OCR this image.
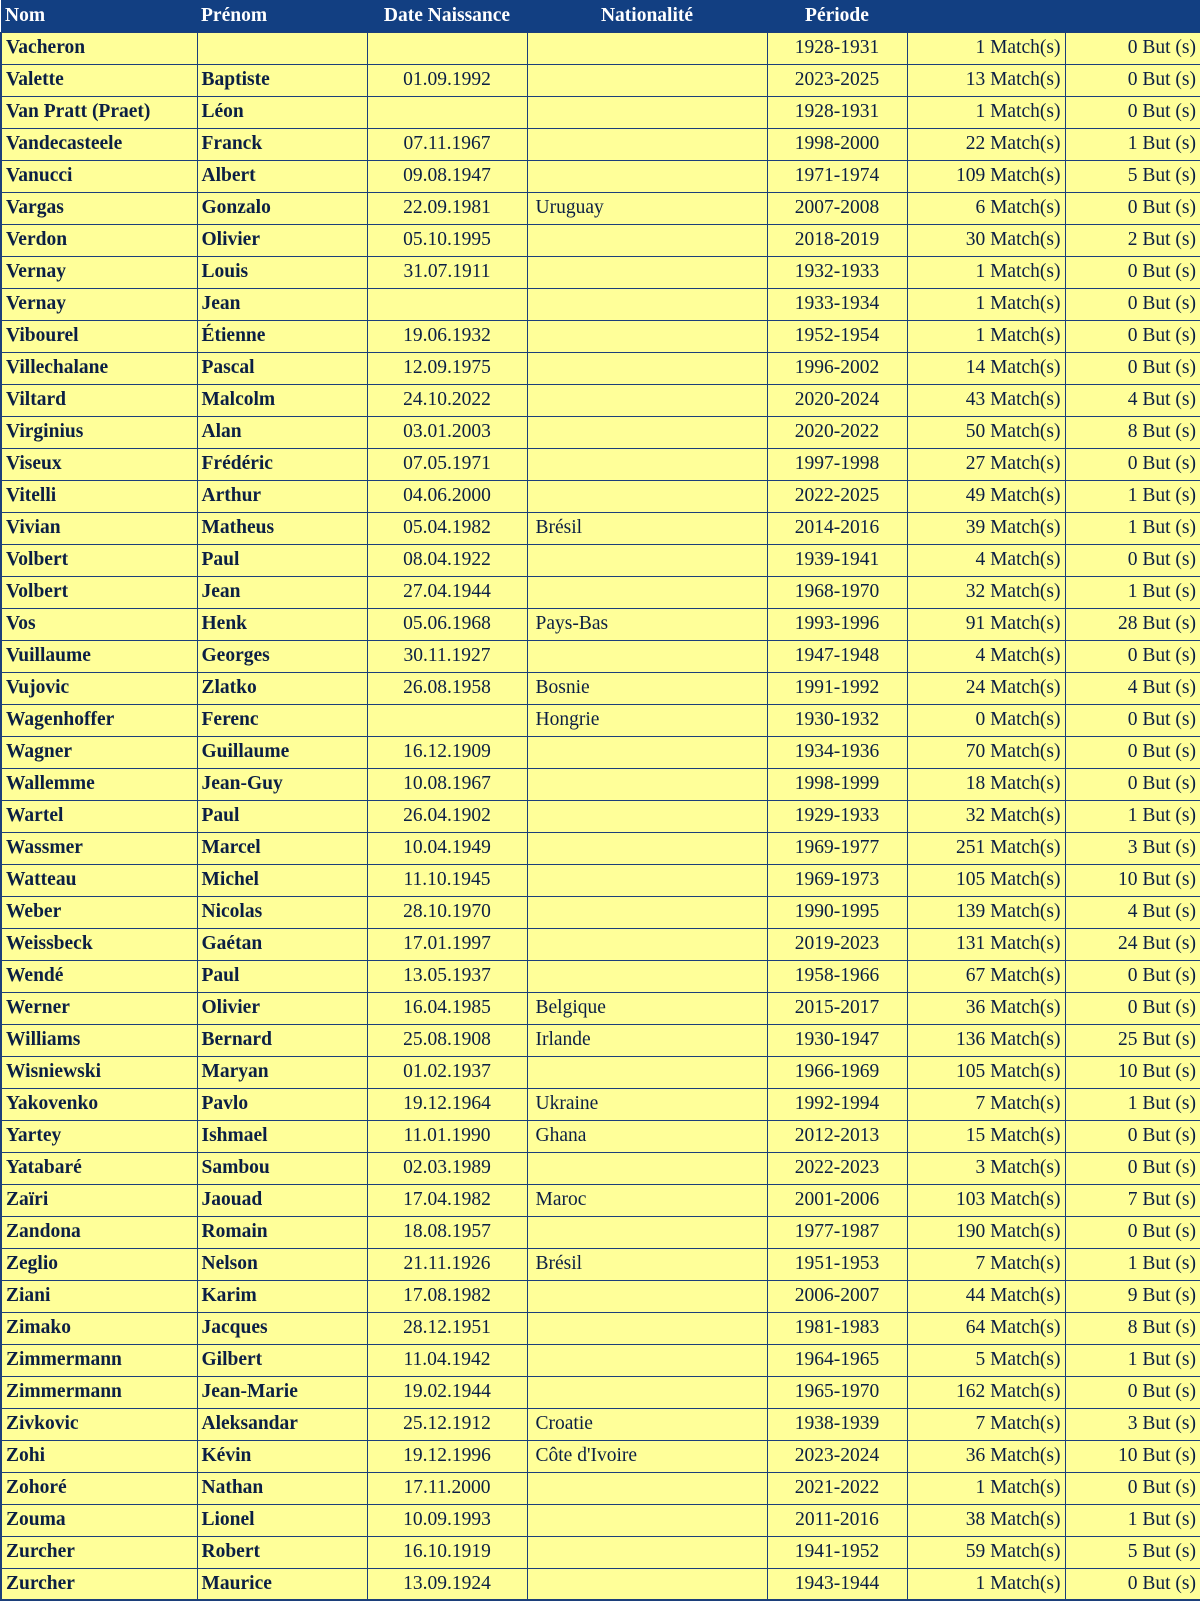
Nom	Prénom	Date Naissance	Nationalité	Période		
Vacheron				1928-1931	1 Match(s)	0 But (s)
Valette	Baptiste	01.09.1992		2023-2025	13 Match(s)	0 But (s)
Van Pratt (Praet)	Léon			1928-1931	1 Match(s)	0 But (s)
Vandecasteele	Franck	07.11.1967		1998-2000	22 Match(s)	1 But (s)
Vanucci	Albert	09.08.1947		1971-1974	109 Match(s)	5 But (s)
Vargas	Gonzalo	22.09.1981	Uruguay	2007-2008	6 Match(s)	0 But (s)
Verdon	Olivier	05.10.1995		2018-2019	30 Match(s)	2 But (s)
Vernay	Louis	31.07.1911		1932-1933	1 Match(s)	0 But (s)
Vernay	Jean			1933-1934	1 Match(s)	0 But (s)
Vibourel	Étienne	19.06.1932		1952-1954	1 Match(s)	0 But (s)
Villechalane	Pascal	12.09.1975		1996-2002	14 Match(s)	0 But (s)
Viltard	Malcolm	24.10.2022		2020-2024	43 Match(s)	4 But (s)
Virginius	Alan	03.01.2003		2020-2022	50 Match(s)	8 But (s)
Viseux	Frédéric	07.05.1971		1997-1998	27 Match(s)	0 But (s)
Vitelli	Arthur	04.06.2000		2022-2025	49 Match(s)	1 But (s)
Vivian	Matheus	05.04.1982	Brésil	2014-2016	39 Match(s)	1 But (s)
Volbert	Paul	08.04.1922		1939-1941	4 Match(s)	0 But (s)
Volbert	Jean	27.04.1944		1968-1970	32 Match(s)	1 But (s)
Vos	Henk	05.06.1968	Pays-Bas	1993-1996	91 Match(s)	28 But (s)
Vuillaume	Georges	30.11.1927		1947-1948	4 Match(s)	0 But (s)
Vujovic	Zlatko	26.08.1958	Bosnie	1991-1992	24 Match(s)	4 But (s)
Wagenhoffer	Ferenc		Hongrie	1930-1932	0 Match(s)	0 But (s)
Wagner	Guillaume	16.12.1909		1934-1936	70 Match(s)	0 But (s)
Wallemme	Jean-Guy	10.08.1967		1998-1999	18 Match(s)	0 But (s)
Wartel	Paul	26.04.1902		1929-1933	32 Match(s)	1 But (s)
Wassmer	Marcel	10.04.1949		1969-1977	251 Match(s)	3 But (s)
Watteau	Michel	11.10.1945		1969-1973	105 Match(s)	10 But (s)
Weber	Nicolas	28.10.1970		1990-1995	139 Match(s)	4 But (s)
Weissbeck	Gaétan	17.01.1997		2019-2023	131 Match(s)	24 But (s)
Wendé	Paul	13.05.1937		1958-1966	67 Match(s)	0 But (s)
Werner	Olivier	16.04.1985	Belgique	2015-2017	36 Match(s)	0 But (s)
Williams	Bernard	25.08.1908	Irlande	1930-1947	136 Match(s)	25 But (s)
Wisniewski	Maryan	01.02.1937		1966-1969	105 Match(s)	10 But (s)
Yakovenko	Pavlo	19.12.1964	Ukraine	1992-1994	7 Match(s)	1 But (s)
Yartey	Ishmael	11.01.1990	Ghana	2012-2013	15 Match(s)	0 But (s)
Yatabaré	Sambou	02.03.1989		2022-2023	3 Match(s)	0 But (s)
Zaïri	Jaouad	17.04.1982	Maroc	2001-2006	103 Match(s)	7 But (s)
Zandona	Romain	18.08.1957		1977-1987	190 Match(s)	0 But (s)
Zeglio	Nelson	21.11.1926	Brésil	1951-1953	7 Match(s)	1 But (s)
Ziani	Karim	17.08.1982		2006-2007	44 Match(s)	9 But (s)
Zimako	Jacques	28.12.1951		1981-1983	64 Match(s)	8 But (s)
Zimmermann	Gilbert	11.04.1942		1964-1965	5 Match(s)	1 But (s)
Zimmermann	Jean-Marie	19.02.1944		1965-1970	162 Match(s)	0 But (s)
Zivkovic	Aleksandar	25.12.1912	Croatie	1938-1939	7 Match(s)	3 But (s)
Zohi	Kévin	19.12.1996	Côte d'Ivoire	2023-2024	36 Match(s)	10 But (s)
Zohoré	Nathan	17.11.2000		2021-2022	1 Match(s)	0 But (s)
Zouma	Lionel	10.09.1993		2011-2016	38 Match(s)	1 But (s)
Zurcher	Robert	16.10.1919		1941-1952	59 Match(s)	5 But (s)
Zurcher	Maurice	13.09.1924		1943-1944	1 Match(s)	0 But (s)
